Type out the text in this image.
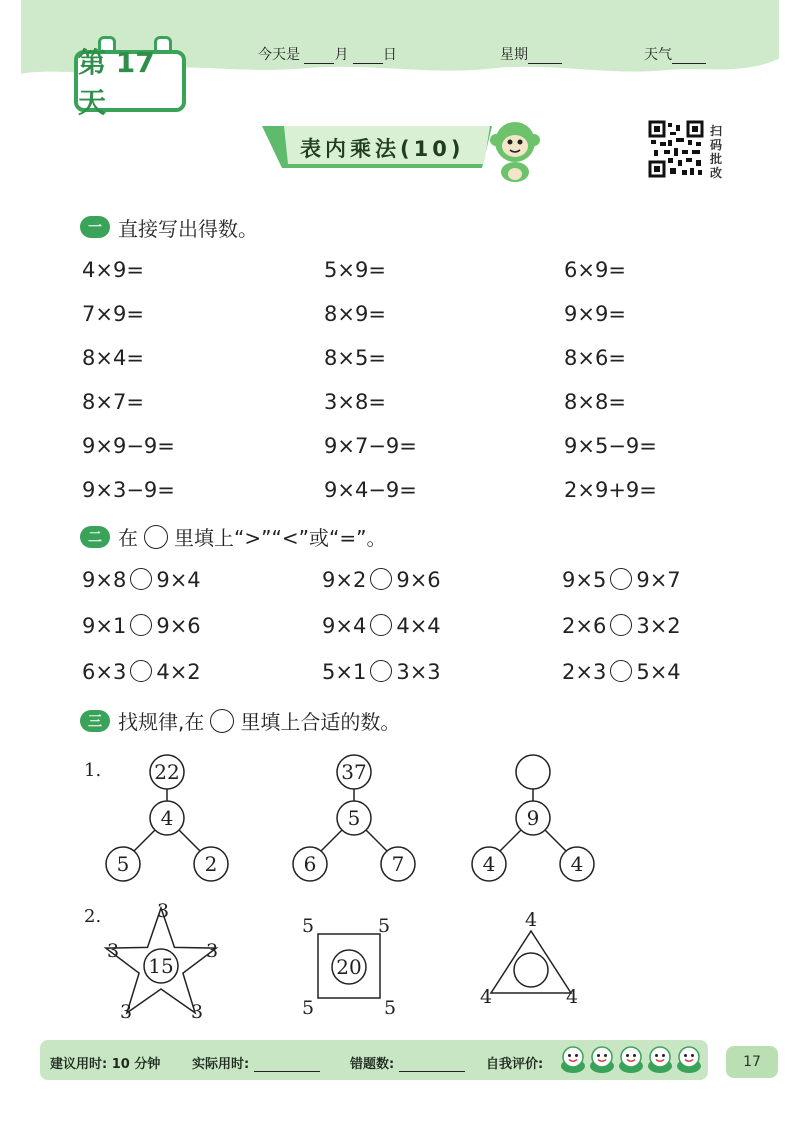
第 17 天
今天是 月 日	星期	天气
表内乘法(10)
扫
码
批
改
一 直接写出得数。
二 在 里填上“>”“<”或“=”。
三 找规律,在 里填上合适的数。
1.	22
4
5	2
37
5
6	7
9
4	4
2.
15
3
3	3
3	3
20
5	5
5	5
4
4	4
建议用时: 10 分钟 实际用时:	错题数:	自我评价:	17
4×9=	5×9=	6×9=
7×9=	8×9=	9×9=
8×4=	8×5=	8×6=
8×7=	3×8=	8×8=
9×9−9=	9×7−9=	9×5−9=
9×3−9=	9×4−9=	2×9+9=
9×8 9×4	9×2 9×6	9×5 9×7
9×1 9×6	9×4 4×4	2×6 3×2
6×3 4×2	5×1 3×3	2×3 5×4
